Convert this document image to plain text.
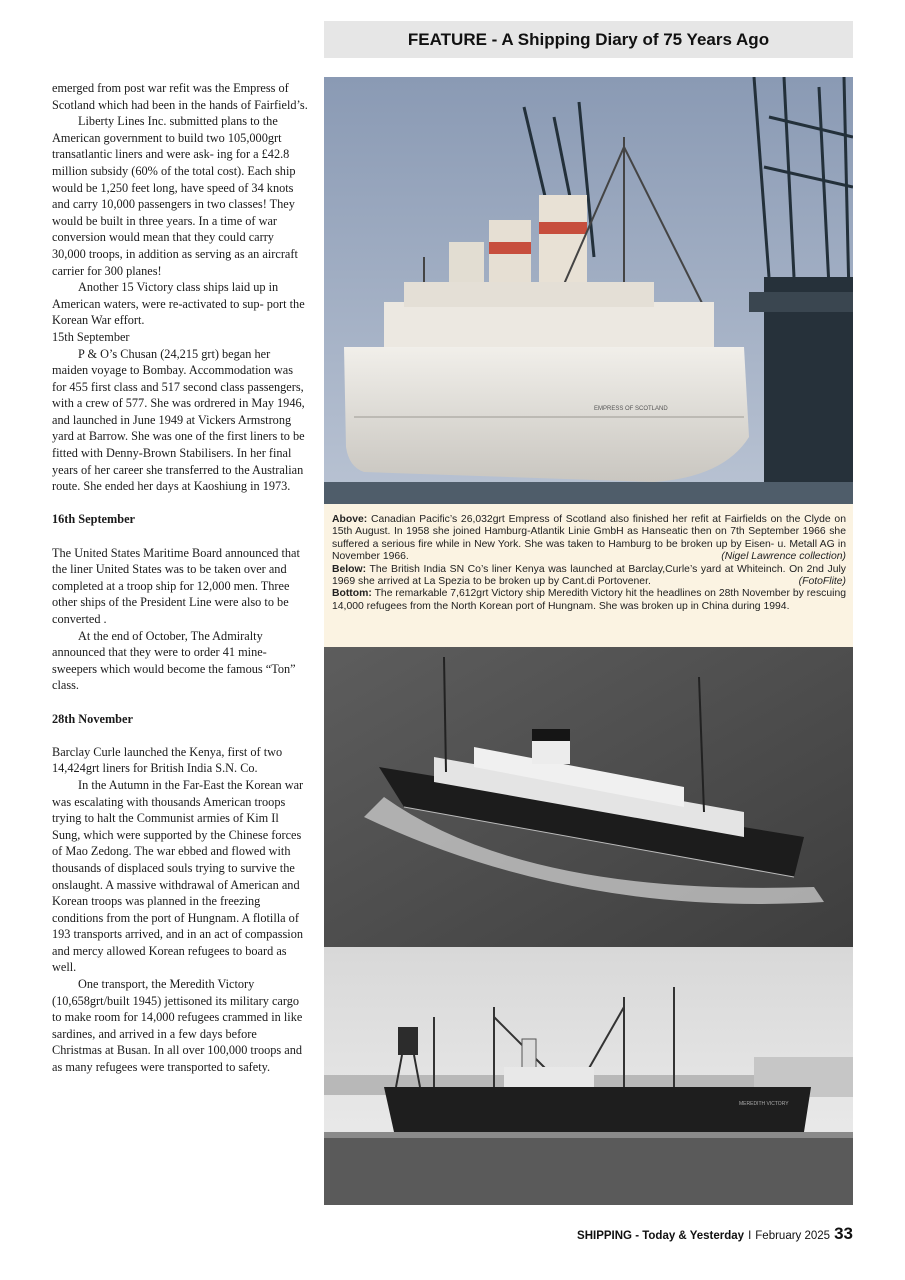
FEATURE - A Shipping Diary of 75 Years Ago

emerged from post war refit was the Empress of Scotland which had been in the hands of Fairfield’s.

Liberty Lines Inc. submitted plans to the American government to build two 105,000grt transatlantic liners and were ask- ing for a £42.8 million subsidy (60% of the total cost). Each ship would be 1,250 feet long, have speed of 34 knots and carry 10,000 passengers in two classes! They would be built in three years. In a time of war conversion would mean that they could carry 30,000 troops, in addition as serving as an aircraft carrier for 300 planes!

Another 15 Victory class ships laid up in American waters, were re-activated to sup- port the Korean War effort.

15th September

P & O’s Chusan (24,215 grt) began her maiden voyage to Bombay. Accommodation was for 455 first class and 517 second class passengers, with a crew of 577. She was ordrered in May 1946, and launched in June 1949 at Vickers Armstrong yard at Barrow. She was one of the first liners to be fitted with Denny-Brown Stabilisers. In her final years of her career she transferred to the Australian route. She ended her days at Kaoshiung in 1973.

16th September

The United States Maritime Board announced that the liner United States was to be taken over and completed at a troop ship for 12,000 men. Three other ships of the President Line were also to be converted .

At the end of October, The Admiralty announced that they were to order 41 mine- sweepers which would become the famous “Ton” class.

28th November

Barclay Curle launched the Kenya, first of two 14,424grt liners for British India S.N. Co.

In the Autumn in the Far-East the Korean war was escalating with thousands American troops trying to halt the Communist armies of Kim Il Sung, which were supported by the Chinese forces of Mao Zedong. The war ebbed and flowed with thousands of displaced souls trying to survive the onslaught. A massive withdrawal of American and Korean troops was planned in the freezing conditions from the port of Hungnam. A flotilla of 193 transports arrived, and in an act of compassion and mercy allowed Korean refugees to board as well.

One transport, the Meredith Victory (10,658grt/built 1945) jettisoned its military cargo to make room for 14,000 refugees crammed in like sardines, and arrived in a few days before Christmas at Busan. In all over 100,000 troops and as many refugees were transported to safety.

EMPRESS OF SCOTLAND

Above: Canadian Pacific’s 26,032grt Empress of Scotland also finished her refit at Fairfields on the Clyde on 15th August. In 1958 she joined Hamburg-Atlantik Linie GmbH as Hanseatic then on 7th September 1966 she suffered a serious fire while in New York. She was taken to Hamburg to be broken up by Eisen- u. Metall AG in November 1966.	(Nigel Lawrence collection)

Below: The British India SN Co’s liner Kenya was launched at Barclay,Curle’s yard at Whiteinch. On 2nd July 1969 she arrived at La Spezia to be broken up by Cant.di Portovener.	(FotoFlite)

Bottom: The remarkable 7,612grt Victory ship Meredith Victory hit the headlines on 28th November by rescuing 14,000 refugees from the North Korean port of Hungnam. She was broken up in China during 1994.

MEREDITH VICTORY
SHIPPING - Today & Yesterday I February 2025 33
